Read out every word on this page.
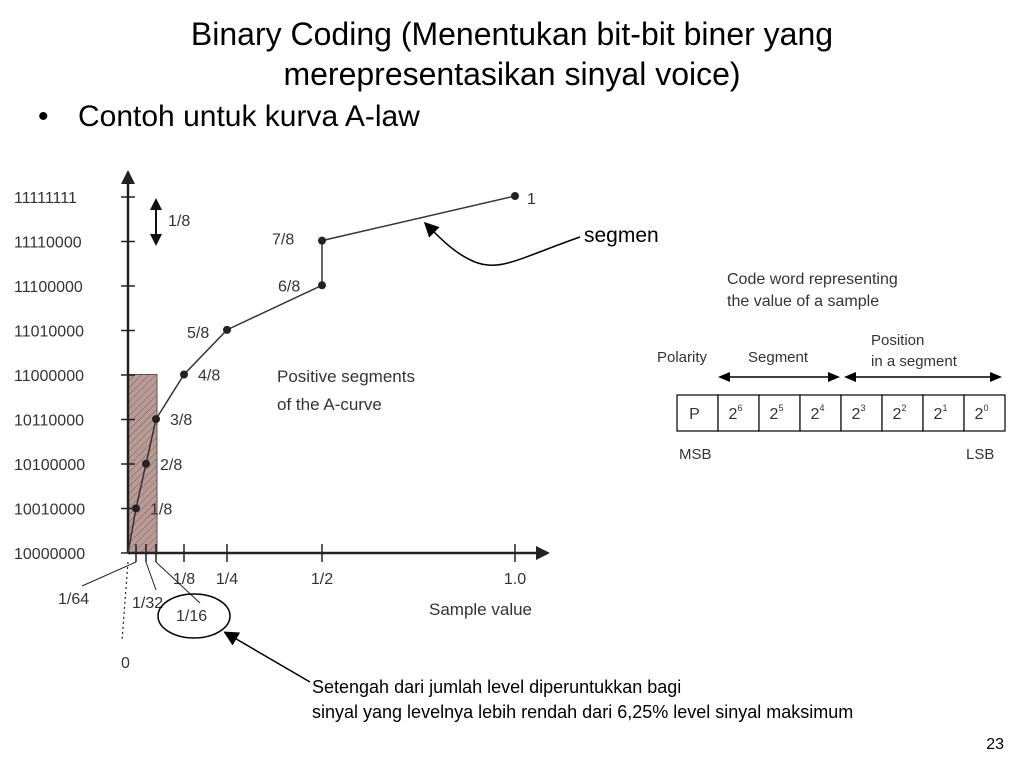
Binary Coding (Menentukan bit-bit biner yang
merepresentasikan sinyal voice)
• Contoh untuk kurva A-law
11111111
11110000
11100000
11010000
11000000
10110000
10100000
10010000
10000000
1/8 1/4	1/2	1.0
1/64	1/32
1/16
1/8
2/8
3/8
4/8
5/8
6/8
7/8
1
1/8
Positive segments
of the A-curve
Sample value
0
Code word representing
the value of a sample
Polarity	Segment
Position
in a segment
P $2^6$ $2^5$ $2^4$ $2^3$ $2^2$ $2^1$ $2^0$
MSB	LSB
segmen
Setengah dari jumlah level diperuntukkan bagi
sinyal yang levelnya lebih rendah dari 6,25% level sinyal maksimum
23
